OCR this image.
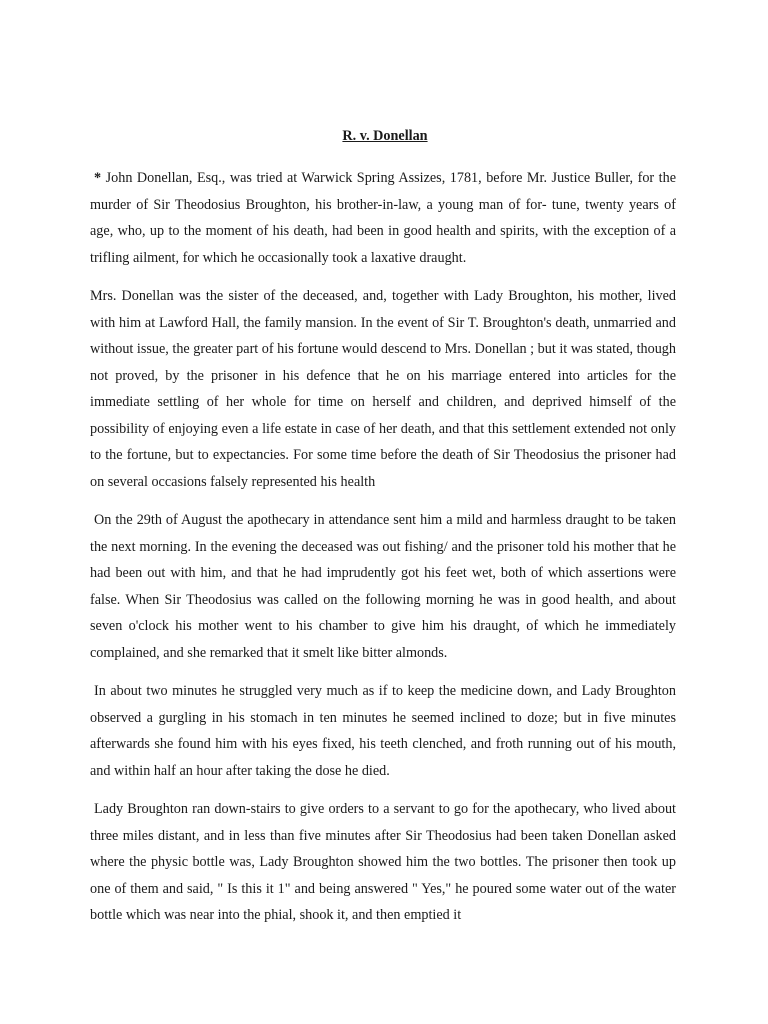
R. v. Donellan

* John Donellan, Esq., was tried at Warwick Spring Assizes, 1781, before Mr. Justice Buller, for the murder of Sir Theodosius Broughton, his brother-in-law, a young man of for- tune, twenty years of age, who, up to the moment of his death, had been in good health and spirits, with the exception of a trifling ailment, for which he occasionally took a laxative draught.

Mrs. Donellan was the sister of the deceased, and, together with Lady Broughton, his mother, lived with him at Lawford Hall, the family mansion. In the event of Sir T. Broughton's death, unmarried and without issue, the greater part of his fortune would descend to Mrs. Donellan ; but it was stated, though not proved, by the prisoner in his defence that he on his marriage entered into articles for the immediate settling of her whole for time on herself and children, and deprived himself of the possibility of enjoying even a life estate in case of her death, and that this settlement extended not only to the fortune, but to expectancies. For some time before the death of Sir Theodosius the prisoner had on several occasions falsely represented his health

On the 29th of August the apothecary in attendance sent him a mild and harmless draught to be taken the next morning. In the evening the deceased was out fishing/ and the prisoner told his mother that he had been out with him, and that he had imprudently got his feet wet, both of which assertions were false. When Sir Theodosius was called on the following morning he was in good health, and about seven o'clock his mother went to his chamber to give him his draught, of which he immediately complained, and she remarked that it smelt like bitter almonds.

In about two minutes he struggled very much as if to keep the medicine down, and Lady Broughton observed a gurgling in his stomach in ten minutes he seemed inclined to doze; but in five minutes afterwards she found him with his eyes fixed, his teeth clenched, and froth running out of his mouth, and within half an hour after taking the dose he died.

Lady Broughton ran down-stairs to give orders to a servant to go for the apothecary, who lived about three miles distant, and in less than five minutes after Sir Theodosius had been taken Donellan asked where the physic bottle was, Lady Broughton showed him the two bottles. The prisoner then took up one of them and said, " Is this it 1" and being answered " Yes," he poured some water out of the water bottle which was near into the phial, shook it, and then emptied it
